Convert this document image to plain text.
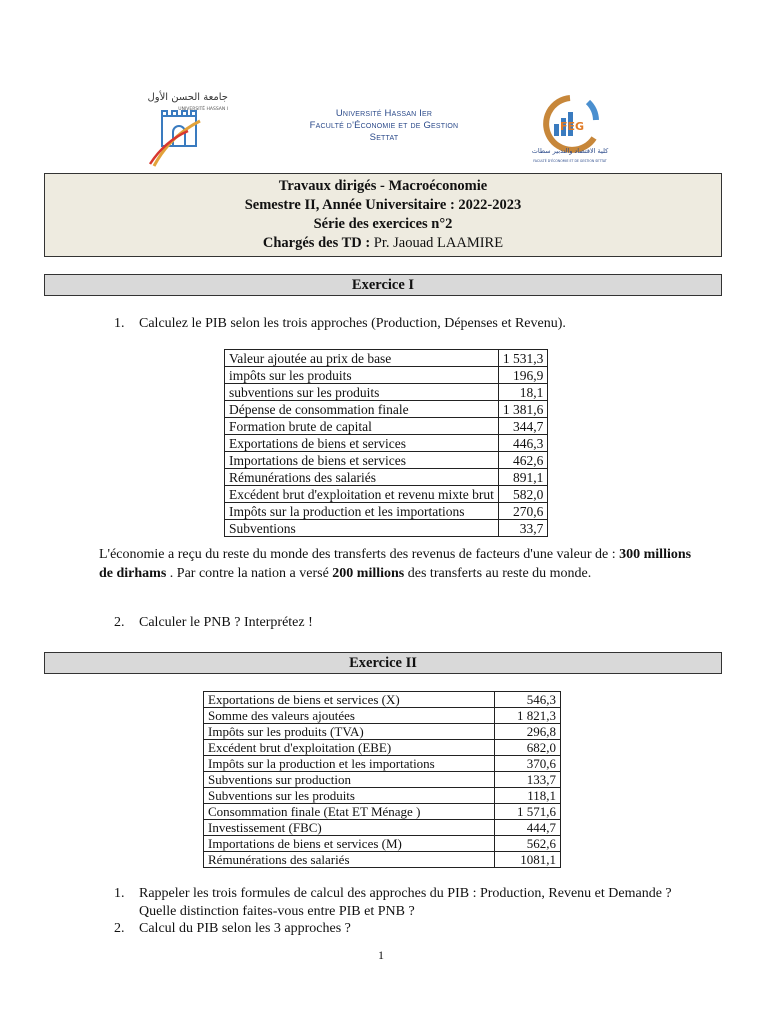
جامعة الحسن الأول
UNIVERSITÉ HASSAN I	Université Hassan Ier
Faculté d'Économie et de Gestion
Settat
FEG
كلية الاقتصاد والتدبير سطات
FACULTÉ D'ÉCONOMIE ET DE GESTION SETTAT
Travaux dirigés - Macroéconomie
Semestre II, Année Universitaire : 2022-2023
Série des exercices n°2
Chargés des TD : Pr. Jaouad LAAMIRE
Exercice I
1. Calculez le PIB selon les trois approches (Production, Dépenses et Revenu).
Valeur ajoutée au prix de base	1 531,3
impôts sur les produits	196,9
subventions sur les produits	18,1
Dépense de consommation finale	1 381,6
Formation brute de capital	344,7
Exportations de biens et services	446,3
Importations de biens et services	462,6
Rémunérations des salariés	891,1
Excédent brut d'exploitation et revenu mixte brut	582,0
Impôts sur la production et les importations	270,6
Subventions	33,7
L'économie a reçu du reste du monde des transferts des revenus de facteurs d'une valeur de : 300 millions de dirhams . Par contre la nation a versé 200 millions des transferts au reste du monde.
2. Calculer le PNB ? Interprétez !
Exercice II
Exportations de biens et services (X)	546,3
Somme des valeurs ajoutées	1 821,3
Impôts sur les produits (TVA)	296,8
Excédent brut d'exploitation (EBE)	682,0
Impôts sur la production et les importations	370,6
Subventions sur production	133,7
Subventions sur les produits	118,1
Consommation finale (Etat ET Ménage )	1 571,6
Investissement (FBC)	444,7
Importations de biens et services (M)	562,6
Rémunérations des salariés	1081,1
1. Rappeler les trois formules de calcul des approches du PIB : Production, Revenu et Demande ? Quelle distinction faites-vous entre PIB et PNB ?
2. Calcul du PIB selon les 3 approches ?
1
